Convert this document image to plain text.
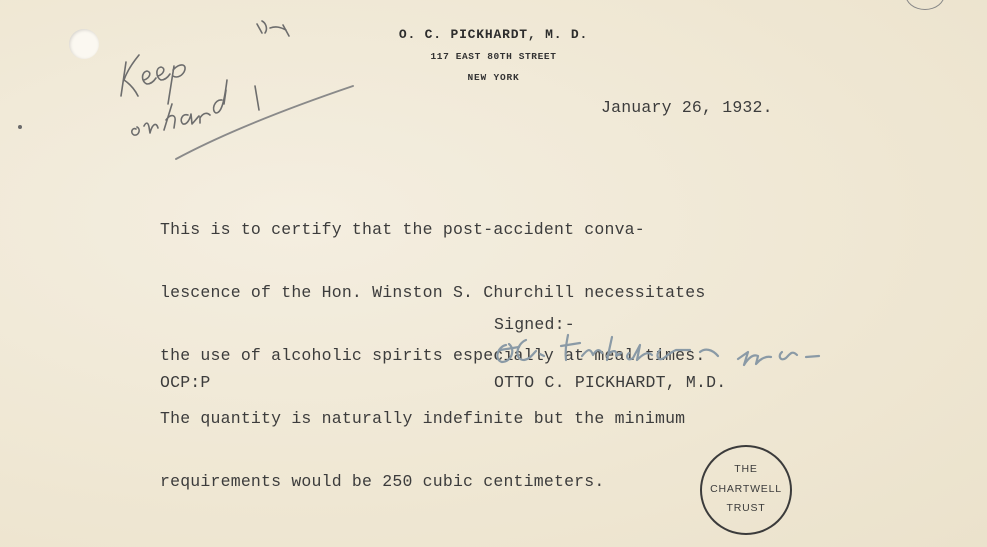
O. C. PICKHARDT, M. D.
117 EAST 80TH STREET
NEW YORK
January 26, 1932.

This is to certify that the post-accident conva-

lescence of the Hon. Winston S. Churchill necessitates

the use of alcoholic spirits especially at meal times.

The quantity is naturally indefinite but the minimum

requirements would be 250 cubic centimeters.

Signed:-
OCP:P	OTTO C. PICKHARDT, M.D.
THE
CHARTWELL
TRUST
